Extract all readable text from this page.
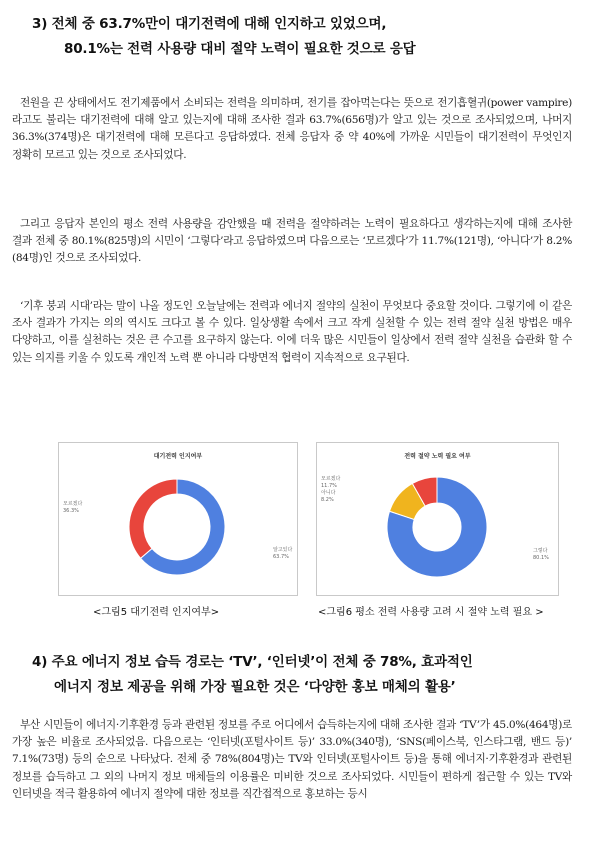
3) 전체 중 63.7%만이 대기전력에 대해 인지하고 있었으며,
80.1%는 전력 사용량 대비 절약 노력이 필요한 것으로 응답
전원을 끈 상태에서도 전기제품에서 소비되는 전력을 의미하며, 전기를 잡아먹는다는 뜻으로 전기흡혈귀(power vampire)라고도 불리는 대기전력에 대해 알고 있는지에 대해 조사한 결과 63.7%(656명)가 알고 있는 것으로 조사되었으며, 나머지 36.3%(374명)은 대기전력에 대해 모른다고 응답하였다. 전체 응답자 중 약 40%에 가까운 시민들이 대기전력이 무엇인지 정확히 모르고 있는 것으로 조사되었다.
그리고 응답자 본인의 평소 전력 사용량을 감안했을 때 전력을 절약하려는 노력이 필요하다고 생각하는지에 대해 조사한 결과 전체 중 80.1%(825명)의 시민이 ‘그렇다’라고 응답하였으며 다음으로는 ‘모르겠다’가 11.7%(121명), ‘아니다’가 8.2%(84명)인 것으로 조사되었다.
‘기후 붕괴 시대’라는 말이 나올 정도인 오늘날에는 전력과 에너지 절약의 실천이 무엇보다 중요할 것이다. 그렇기에 이 같은 조사 결과가 가지는 의의 역시도 크다고 볼 수 있다. 일상생활 속에서 크고 작게 실천할 수 있는 전력 절약 실천 방법은 매우 다양하고, 이를 실천하는 것은 큰 수고를 요구하지 않는다. 이에 더욱 많은 시민들이 일상에서 전력 절약 실천을 습관화 할 수 있는 의지를 키울 수 있도록 개인적 노력 뿐 아니라 다방면적 협력이 지속적으로 요구된다.
대기전력 인지여부
모르겠다
36.3%
알고있다
63.7%
<그림5 대기전력 인지여부>
전력 절약 노력 필요 여부
모르겠다
11.7%
아니다
8.2%
그렇다
80.1%
<그림6 평소 전력 사용량 고려 시 절약 노력 필요 >
4) 주요 에너지 정보 습득 경로는 ‘TV’, ‘인터넷’이 전체 중 78%, 효과적인
에너지 정보 제공을 위해 가장 필요한 것은 ‘다양한 홍보 매체의 활용’
부산 시민들이 에너지·기후환경 등과 관련된 정보를 주로 어디에서 습득하는지에 대해 조사한 결과 ‘TV’가 45.0%(464명)로 가장 높은 비율로 조사되었음. 다음으로는 ‘인터넷(포털사이트 등)’ 33.0%(340명), ‘SNS(페이스북, 인스타그램, 밴드 등)’ 7.1%(73명) 등의 순으로 나타났다. 전체 중 78%(804명)는 TV와 인터넷(포털사이트 등)을 통해 에너지·기후환경과 관련된 정보를 습득하고 그 외의 나머지 정보 매체들의 이용률은 미비한 것으로 조사되었다. 시민들이 편하게 접근할 수 있는 TV와 인터넷을 적극 활용하여 에너지 절약에 대한 정보를 직간접적으로 홍보하는 등시
